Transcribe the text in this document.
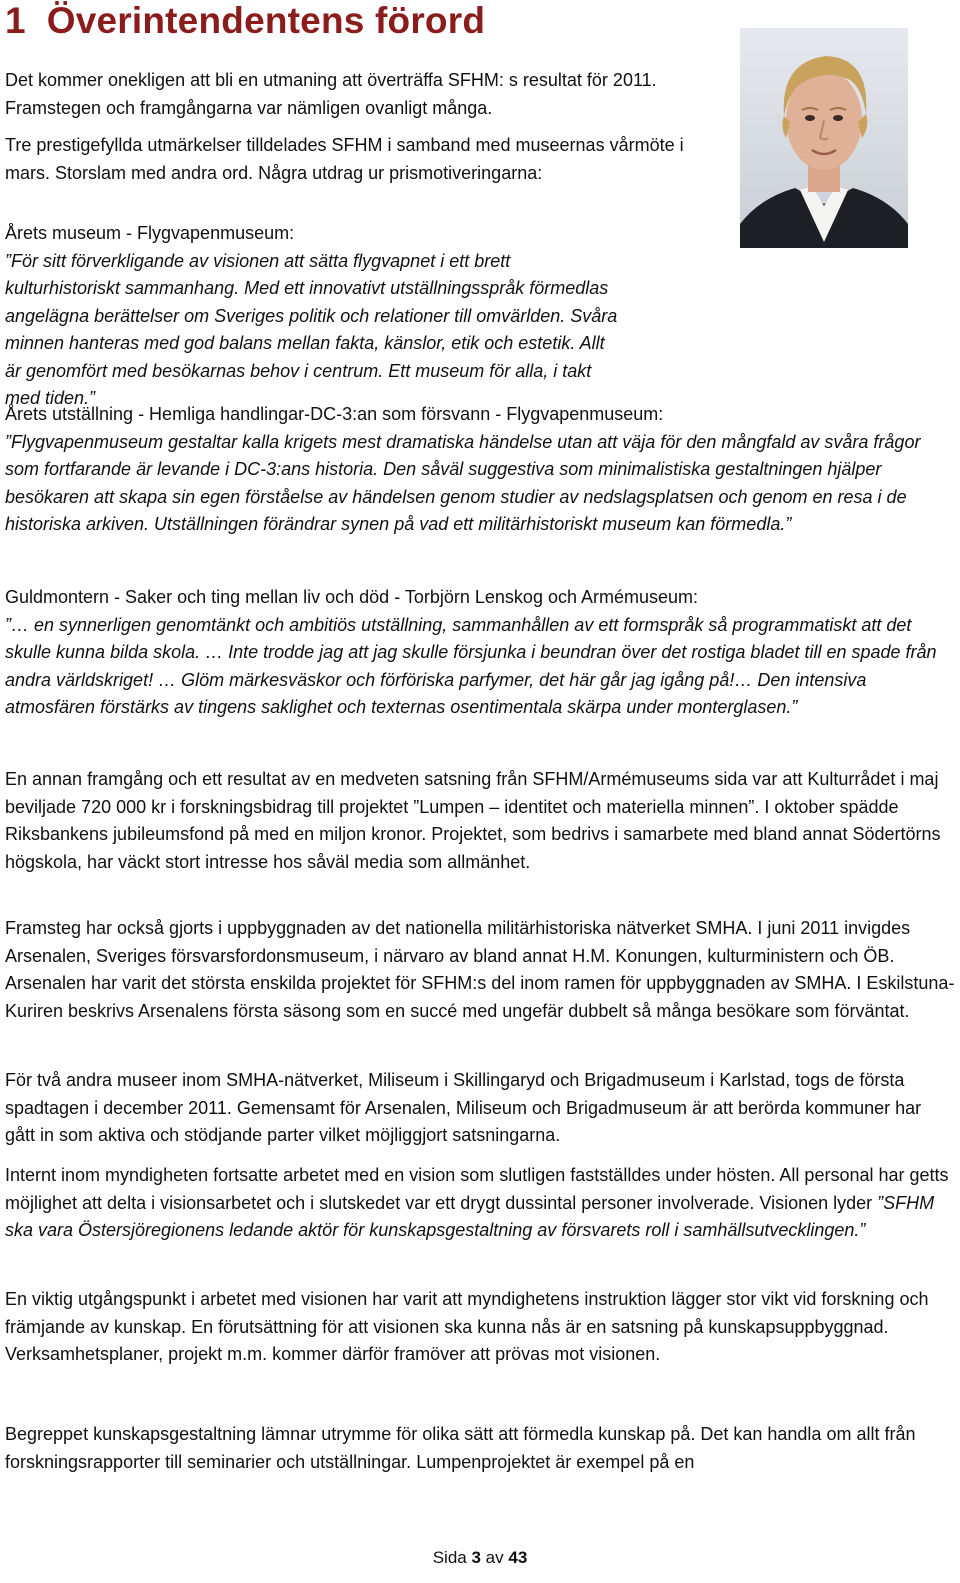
1 Överintendentens förord

Det kommer onekligen att bli en utmaning att överträffa SFHM: s resultat för 2011. Framstegen och framgångarna var nämligen ovanligt många.

Tre prestigefyllda utmärkelser tilldelades SFHM i samband med museernas vårmöte i mars. Storslam med andra ord. Några utdrag ur prismotiveringarna:

Årets museum - Flygvapenmuseum:
”För sitt förverkligande av visionen att sätta flygvapnet i ett brett kulturhistoriskt sammanhang. Med ett innovativt utställningsspråk förmedlas angelägna berättelser om Sveriges politik och relationer till omvärlden. Svåra minnen hanteras med god balans mellan fakta, känslor, etik och estetik. Allt är genomfört med besökarnas behov i centrum. Ett museum för alla, i takt med tiden.”
Årets utställning - Hemliga handlingar-DC-3:an som försvann - Flygvapenmuseum:
”Flygvapenmuseum gestaltar kalla krigets mest dramatiska händelse utan att väja för den mångfald av svåra frågor som fortfarande är levande i DC-3:ans historia. Den såväl suggestiva som minimalistiska gestaltningen hjälper besökaren att skapa sin egen förståelse av händelsen genom studier av nedslagsplatsen och genom en resa i de historiska arkiven. Utställningen förändrar synen på vad ett militärhistoriskt museum kan förmedla.”
Guldmontern - Saker och ting mellan liv och död - Torbjörn Lenskog och Armémuseum:
”… en synnerligen genomtänkt och ambitiös utställning, sammanhållen av ett formspråk så programmatiskt att det skulle kunna bilda skola. … Inte trodde jag att jag skulle försjunka i beundran över det rostiga bladet till en spade från andra världskriget! … Glöm märkesväskor och förföriska parfymer, det här går jag igång på!… Den intensiva atmosfären förstärks av tingens saklighet och texternas osentimentala skärpa under monterglasen.”

En annan framgång och ett resultat av en medveten satsning från SFHM/Armémuseums sida var att Kulturrådet i maj beviljade 720 000 kr i forskningsbidrag till projektet ”Lumpen – identitet och materiella minnen”. I oktober spädde Riksbankens jubileumsfond på med en miljon kronor. Projektet, som bedrivs i samarbete med bland annat Södertörns högskola, har väckt stort intresse hos såväl media som allmänhet.

Framsteg har också gjorts i uppbyggnaden av det nationella militärhistoriska nätverket SMHA. I juni 2011 invigdes Arsenalen, Sveriges försvarsfordonsmuseum, i närvaro av bland annat H.M. Konungen, kulturministern och ÖB. Arsenalen har varit det största enskilda projektet för SFHM:s del inom ramen för uppbyggnaden av SMHA. I Eskilstuna-Kuriren beskrivs Arsenalens första säsong som en succé med ungefär dubbelt så många besökare som förväntat.

För två andra museer inom SMHA-nätverket, Miliseum i Skillingaryd och Brigadmuseum i Karlstad, togs de första spadtagen i december 2011. Gemensamt för Arsenalen, Miliseum och Brigadmuseum är att berörda kommuner har gått in som aktiva och stödjande parter vilket möjliggjort satsningarna.

Internt inom myndigheten fortsatte arbetet med en vision som slutligen fastställdes under hösten. All personal har getts möjlighet att delta i visionsarbetet och i slutskedet var ett drygt dussintal personer involverade. Visionen lyder ”SFHM ska vara Östersjöregionens ledande aktör för kunskapsgestaltning av försvarets roll i samhällsutvecklingen.”

En viktig utgångspunkt i arbetet med visionen har varit att myndighetens instruktion lägger stor vikt vid forskning och främjande av kunskap. En förutsättning för att visionen ska kunna nås är en satsning på kunskapsuppbyggnad. Verksamhetsplaner, projekt m.m. kommer därför framöver att prövas mot visionen.

Begreppet kunskapsgestaltning lämnar utrymme för olika sätt att förmedla kunskap på. Det kan handla om allt från forskningsrapporter till seminarier och utställningar. Lumpenprojektet är exempel på en

Sida 3 av 43
